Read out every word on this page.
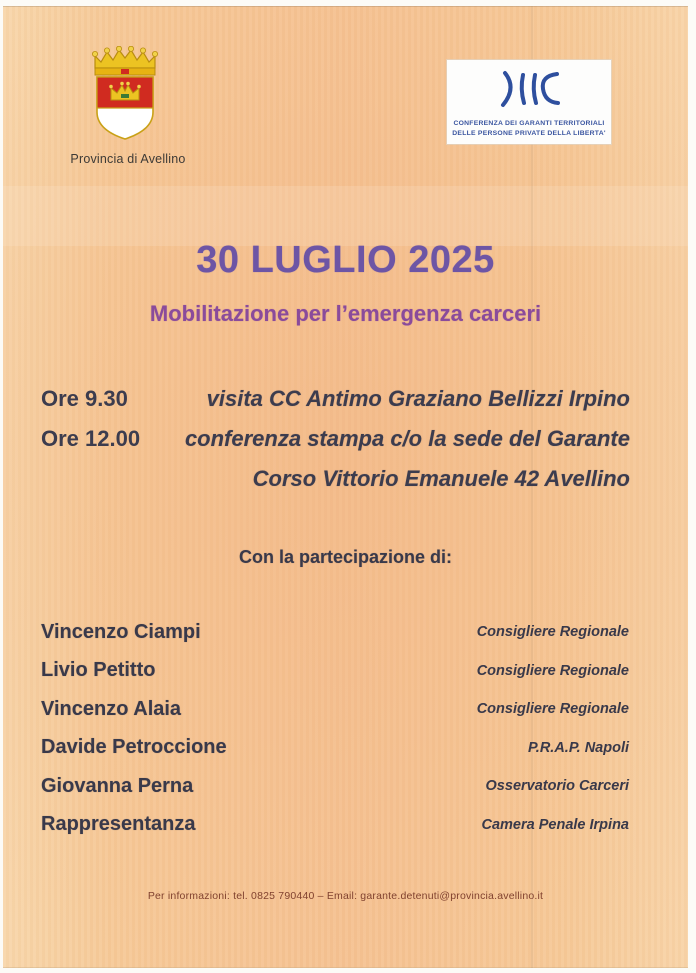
Provincia di Avellino
CONFERENZA DEI GARANTI TERRITORIALI
DELLE PERSONE PRIVATE DELLA LIBERTA'
30 LUGLIO 2025
Mobilitazione per l’emergenza carceri
Ore 9.30	visita CC Antimo Graziano Bellizzi Irpino
Ore 12.00	conferenza stampa c/o la sede del Garante
Corso Vittorio Emanuele 42 Avellino
Con la partecipazione di:
Vincenzo Ciampi	Consigliere Regionale
Livio Petitto	Consigliere Regionale
Vincenzo Alaia	Consigliere Regionale
Davide Petroccione	P.R.A.P. Napoli
Giovanna Perna	Osservatorio Carceri
Rappresentanza	Camera Penale Irpina
Per informazioni: tel. 0825 790440 – Email: garante.detenuti@provincia.avellino.it
